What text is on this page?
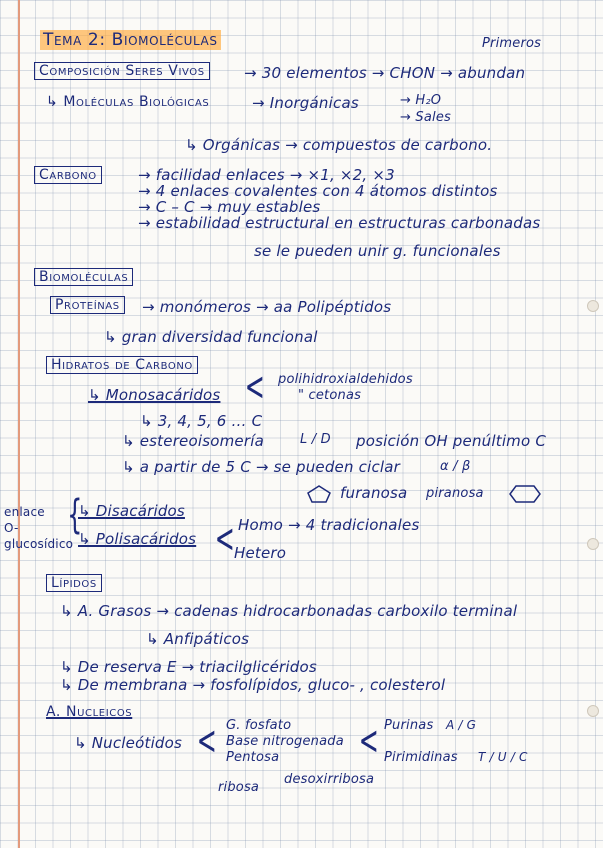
Tema 2: Biomoléculas	Primeros
Composición Seres Vivos	→ 30 elementos → CHON → abundan
↳ Moléculas Biológicas	→ Inorgánicas	→ H₂O
→ Sales
↳ Orgánicas → compuestos de carbono.
Carbono	→ facilidad enlaces → ×1, ×2, ×3
→ 4 enlaces covalentes con 4 átomos distintos
→ C – C → muy estables
→ estabilidad estructural en estructuras carbonadas
se le pueden unir g. funcionales
Biomoléculas
Proteínas	→ monómeros → aa Polipéptidos
↳ gran diversidad funcional
Hidratos de Carbono
↳ Monosacáridos < polihidroxialdehidos
" cetonas
↳ 3, 4, 5, 6 … C
↳ estereoisomería	L / D posición OH penúltimo C
↳ a partir de 5 C → se pueden ciclar	α / β
furanosa piranosa
enlace O-glucosídico
{
↳ Disacáridos
↳ Polisacáridos < Homo → 4 tradicionales
Hetero
Lípidos
↳ A. Grasos → cadenas hidrocarbonadas carboxilo terminal
↳ Anfipáticos
↳ De reserva E → triacilglicéridos
↳ De membrana → fosfolípidos, gluco- , colesterol
A. Nucleicos
↳ Nucleótidos < G. fosfato
Base nitrogenada
Pentosa < Purinas A / G
Pirimidinas T / U / C
ribosa
desoxirribosa
